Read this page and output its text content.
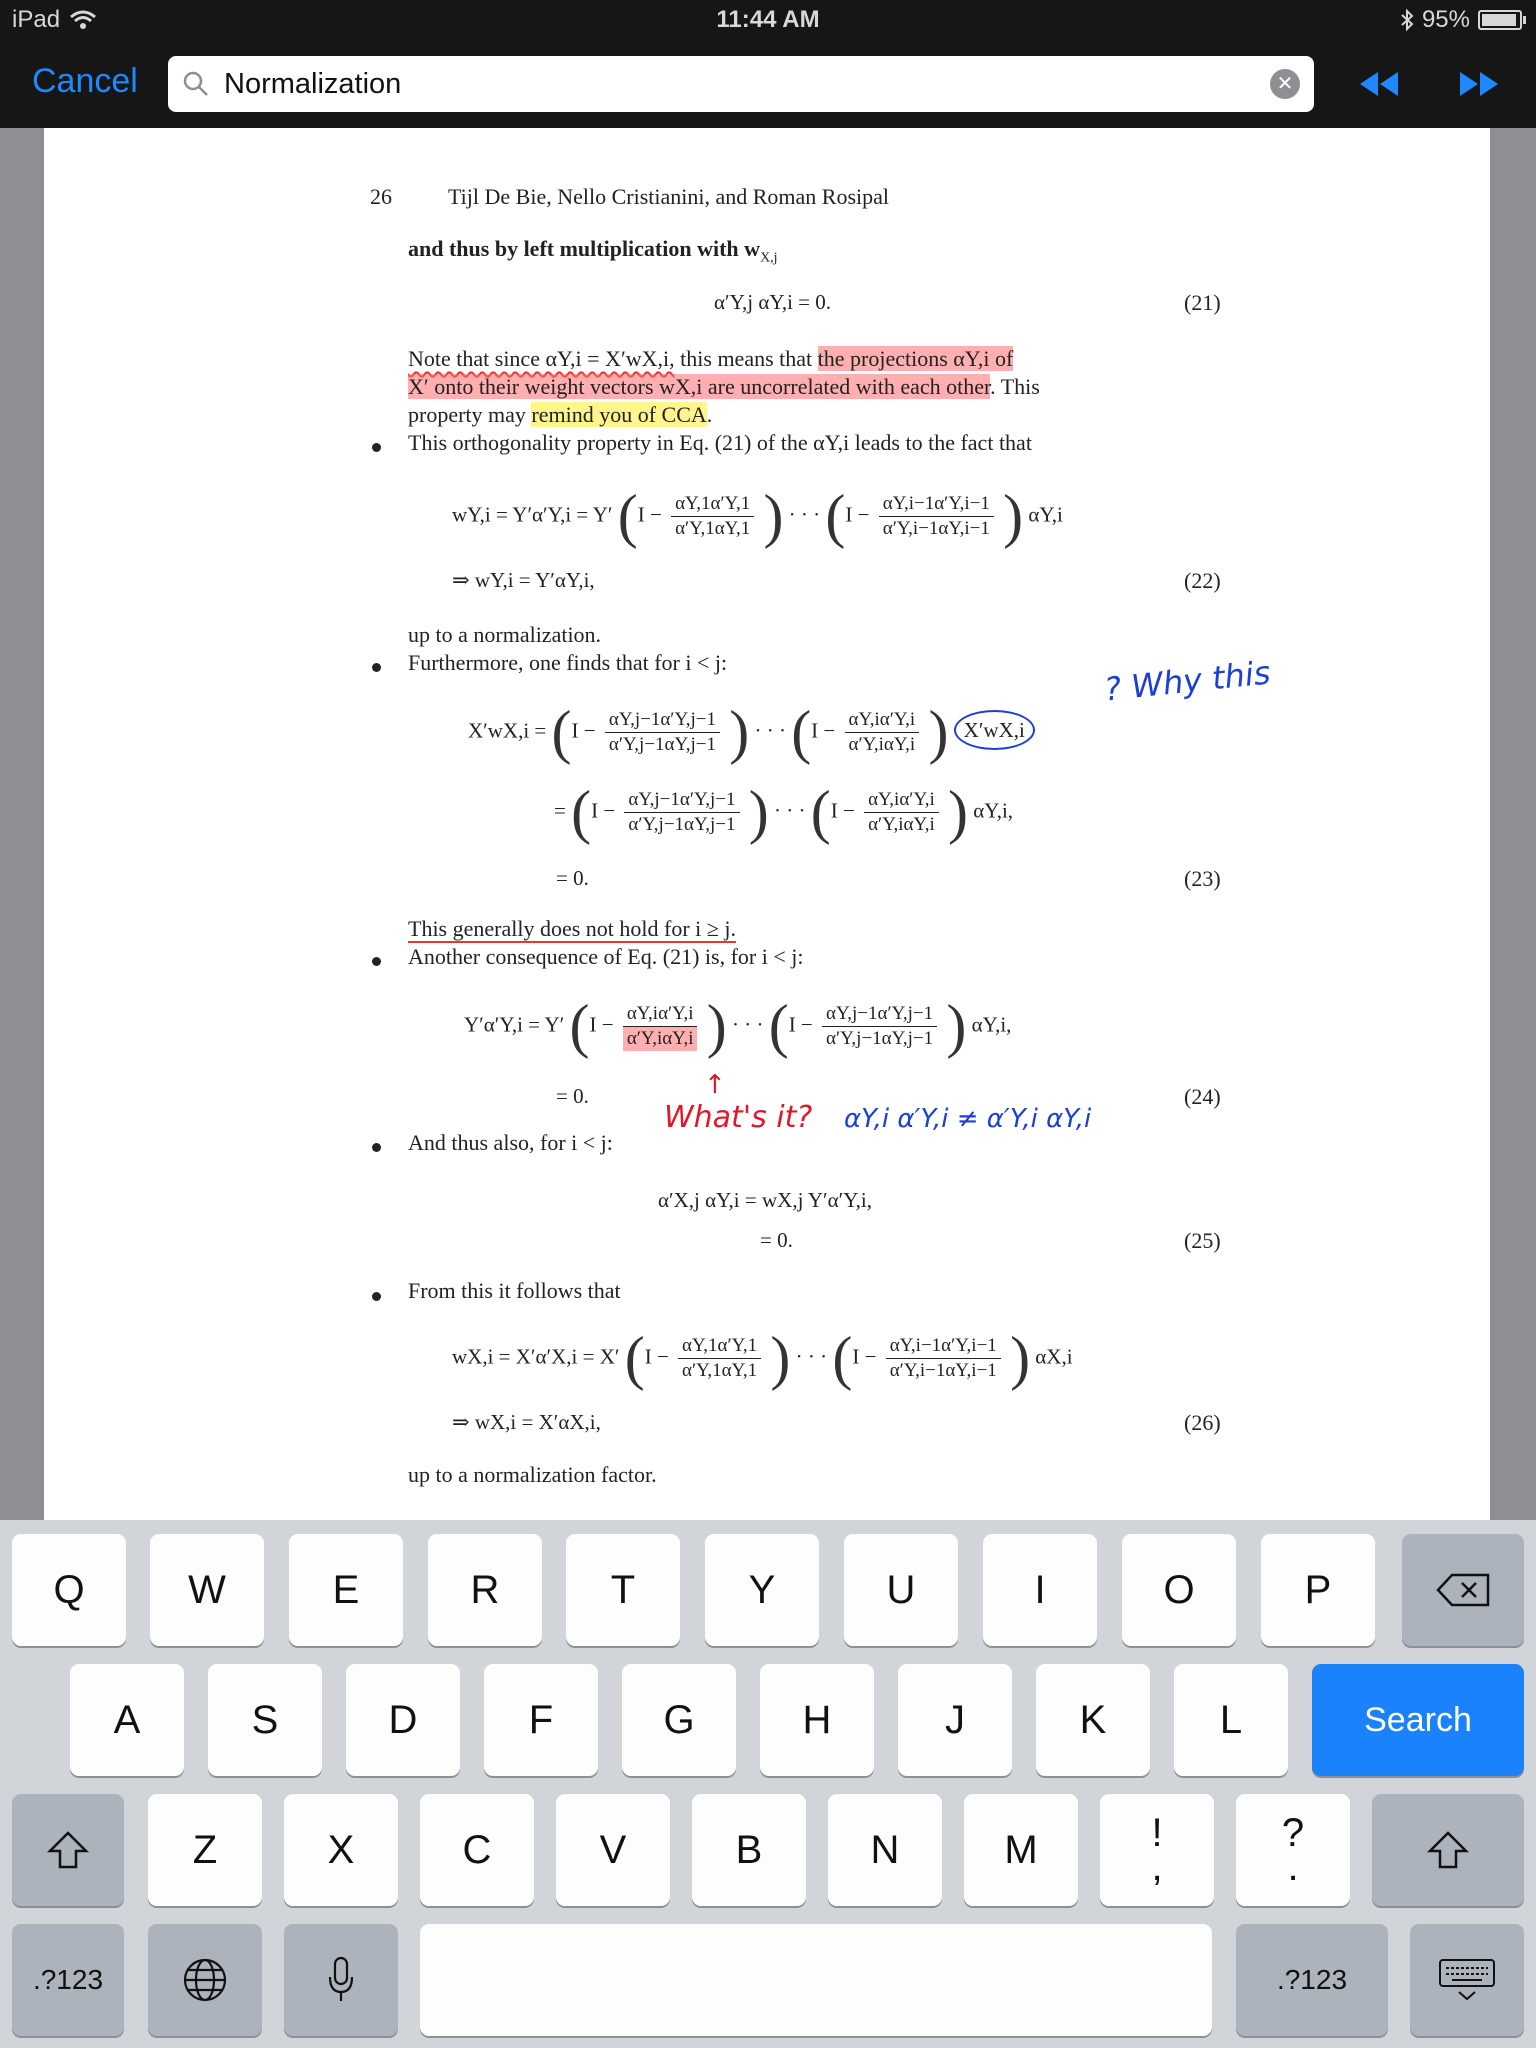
iPad	11:44 AM	95%
Cancel
Normalization	✕
26	Tijl De Bie, Nello Cristianini, and Roman Rosipal
and thus by left multiplication with $w_{X,j}$
α′Y,j αY,i = 0.	(21)
Note that since αY,i = X′wX,i, this means that the projections αY,i of
X′ onto their weight vectors wX,i are uncorrelated with each other. This
property may remind you of CCA.
This orthogonality property in Eq. (21) of the αY,i leads to the fact that
wY,i = Y′α′Y,i = Y′ ($I - \frac{\alpha Y,1\alpha'Y,1}{\alpha'Y,1\alpha Y,1}$ ) · · · ($I - \frac{\alpha Y,i-1\alpha'Y,i-1}{\alpha'Y,i-1\alpha Y,i-1}$ ) αY,i
⇒ wY,i = Y′αY,i,	(22)
up to a normalization.
Furthermore, one finds that for i < j:
$X'wX,i = (I - \frac{\alpha Y,j-1\alpha'Y,j-1}{\alpha'Y,j-1\alpha Y,j-1}$ ) · · · ($I - \frac{\alpha Y,i\alpha'Y,i}{\text{α′Y,iαY,i}}$ ) X′wX,i
= ($I - \frac{\alpha Y,j-1\alpha'Y,j-1}{\alpha'Y,j-1\alpha Y,j-1}$ ) · · · ($I - \frac{\alpha Y,i\alpha'Y,i}{\text{α′Y,iαY,i}}$ ) αY,i,
= 0.	(23)
? Why this
This generally does not hold for i ≥ j.
Another consequence of Eq. (21) is, for i < j:
Y′α′Y,i = Y′ ($I - \frac{\alpha Y,i\alpha'Y,i}{\text{α′Y,iαY,i}}$ ) · · · ($I - \frac{\alpha Y,j-1\alpha'Y,j-1}{\alpha'Y,j-1\alpha Y,j-1}$ ) αY,i,
↑
= 0.	(24)
What's it? αY,i α′Y,i ≠ α′Y,i αY,i
And thus also, for i < j:
α′X,j αY,i = wX,j Y′α′Y,i,
= 0.	(25)
From this it follows that
wX,i = X′α′X,i = X′ ($I - \frac{\alpha Y,1\alpha'Y,1}{\alpha'Y,1\alpha Y,1}$ ) · · · ($I - \frac{\alpha Y,i-1\alpha'Y,i-1}{\alpha'Y,i-1\alpha Y,i-1}$ ) αX,i
⇒ wX,i = X′αX,i,	(26)
up to a normalization factor.
Q	W	E	R	T	Y	U	I	O	P
A	S	D	F	G	H	J	K	L	Search
Z	X	C	V	B	N	M	!
,
?
.
.?123	.?123
